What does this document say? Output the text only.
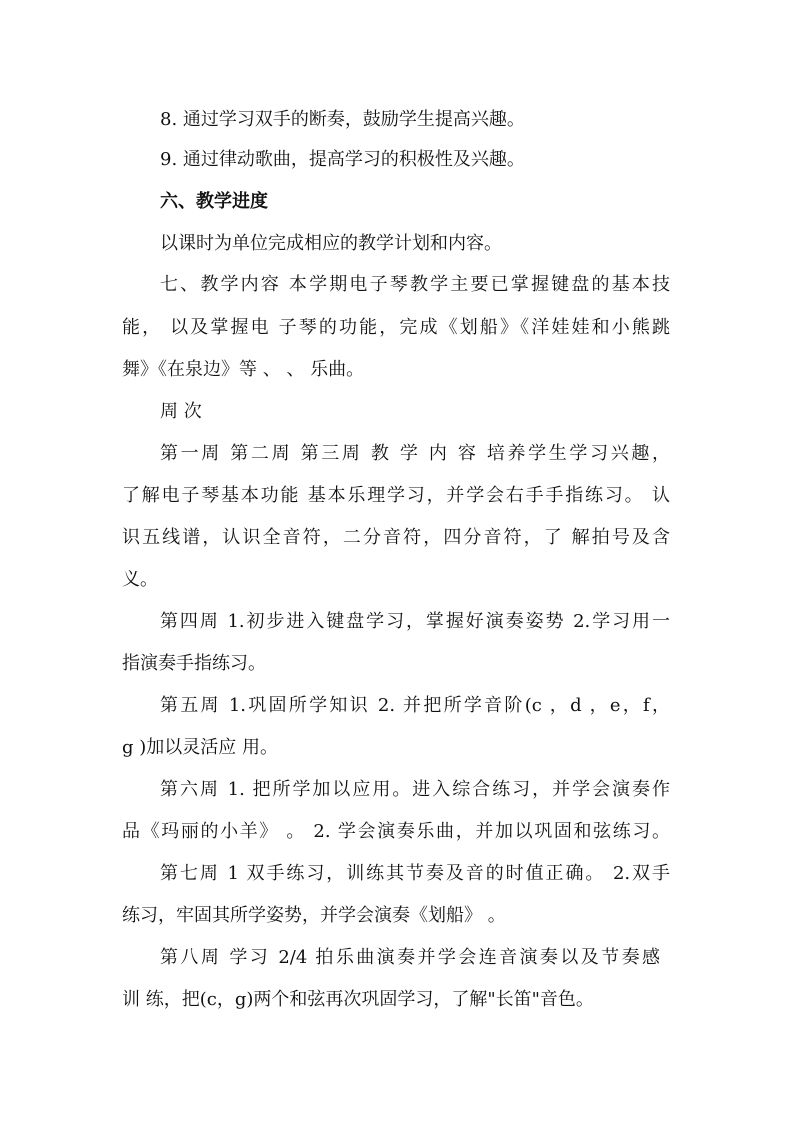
8. 通过学习双手的断奏，鼓励学生提高兴趣。
9. 通过律动歌曲，提高学习的积极性及兴趣。
六、教学进度
以课时为单位完成相应的教学计划和内容。
七、教学内容 本学期电子琴教学主要已掌握键盘的基本技
能， 以及掌握电 子琴的功能，完成《划船》《洋娃娃和小熊跳
舞》《在泉边》等 、 、 乐曲。
周 次
第一周 第二周 第三周 教 学 内 容 培养学生学习兴趣，
了解电子琴基本功能 基本乐理学习，并学会右手手指练习。 认
识五线谱，认识全音符，二分音符，四分音符，了 解拍号及含
义。
第四周 1.初步进入键盘学习，掌握好演奏姿势 2.学习用一
指演奏手指练习。
第五周 1.巩固所学知识 2. 并把所学音阶(c ，d ，e，f，
g )加以灵活应 用。
第六周 1. 把所学加以应用。进入综合练习，并学会演奏作
品《玛丽的小羊》 。 2. 学会演奏乐曲，并加以巩固和弦练习。
第七周 1 双手练习，训练其节奏及音的时值正确。 2.双手
练习，牢固其所学姿势，并学会演奏《划船》 。
第八周 学习 2/4 拍乐曲演奏并学会连音演奏以及节奏感
训 练，把(c，g)两个和弦再次巩固学习，了解"长笛"音色。
